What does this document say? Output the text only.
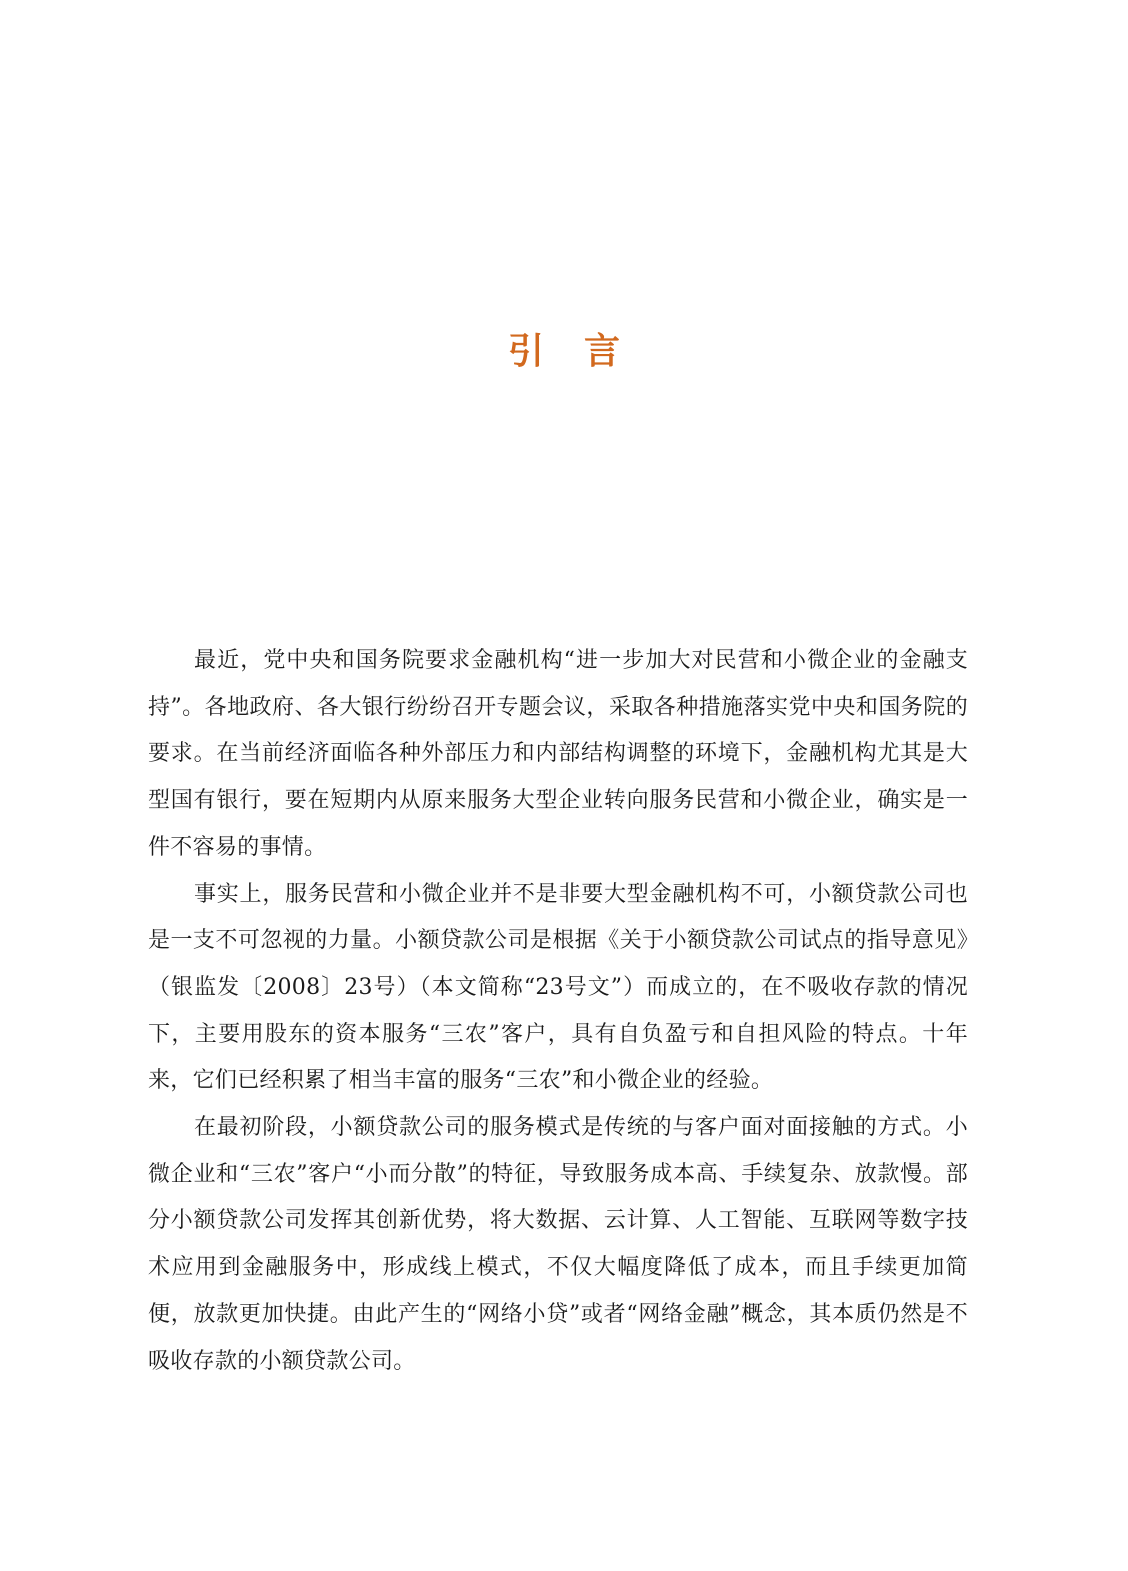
引言

最近，党中央和国务院要求金融机构“进一步加大对民营和小微企业的金融支持”。各地政府、各大银行纷纷召开专题会议，采取各种措施落实党中央和国务院的要求。在当前经济面临各种外部压力和内部结构调整的环境下，金融机构尤其是大型国有银行，要在短期内从原来服务大型企业转向服务民营和小微企业，确实是一件不容易的事情。

事实上，服务民营和小微企业并不是非要大型金融机构不可，小额贷款公司也是一支不可忽视的力量。小额贷款公司是根据《关于小额贷款公司试点的指导意见》（银监发〔2008〕23号）（本文简称“23号文”）而成立的，在不吸收存款的情况下，主要用股东的资本服务“三农”客户，具有自负盈亏和自担风险的特点。十年来，它们已经积累了相当丰富的服务“三农”和小微企业的经验。

在最初阶段，小额贷款公司的服务模式是传统的与客户面对面接触的方式。小微企业和“三农”客户“小而分散”的特征，导致服务成本高、手续复杂、放款慢。部分小额贷款公司发挥其创新优势，将大数据、云计算、人工智能、互联网等数字技术应用到金融服务中，形成线上模式，不仅大幅度降低了成本，而且手续更加简便，放款更加快捷。由此产生的“网络小贷”或者“网络金融”概念，其本质仍然是不吸收存款的小额贷款公司。
